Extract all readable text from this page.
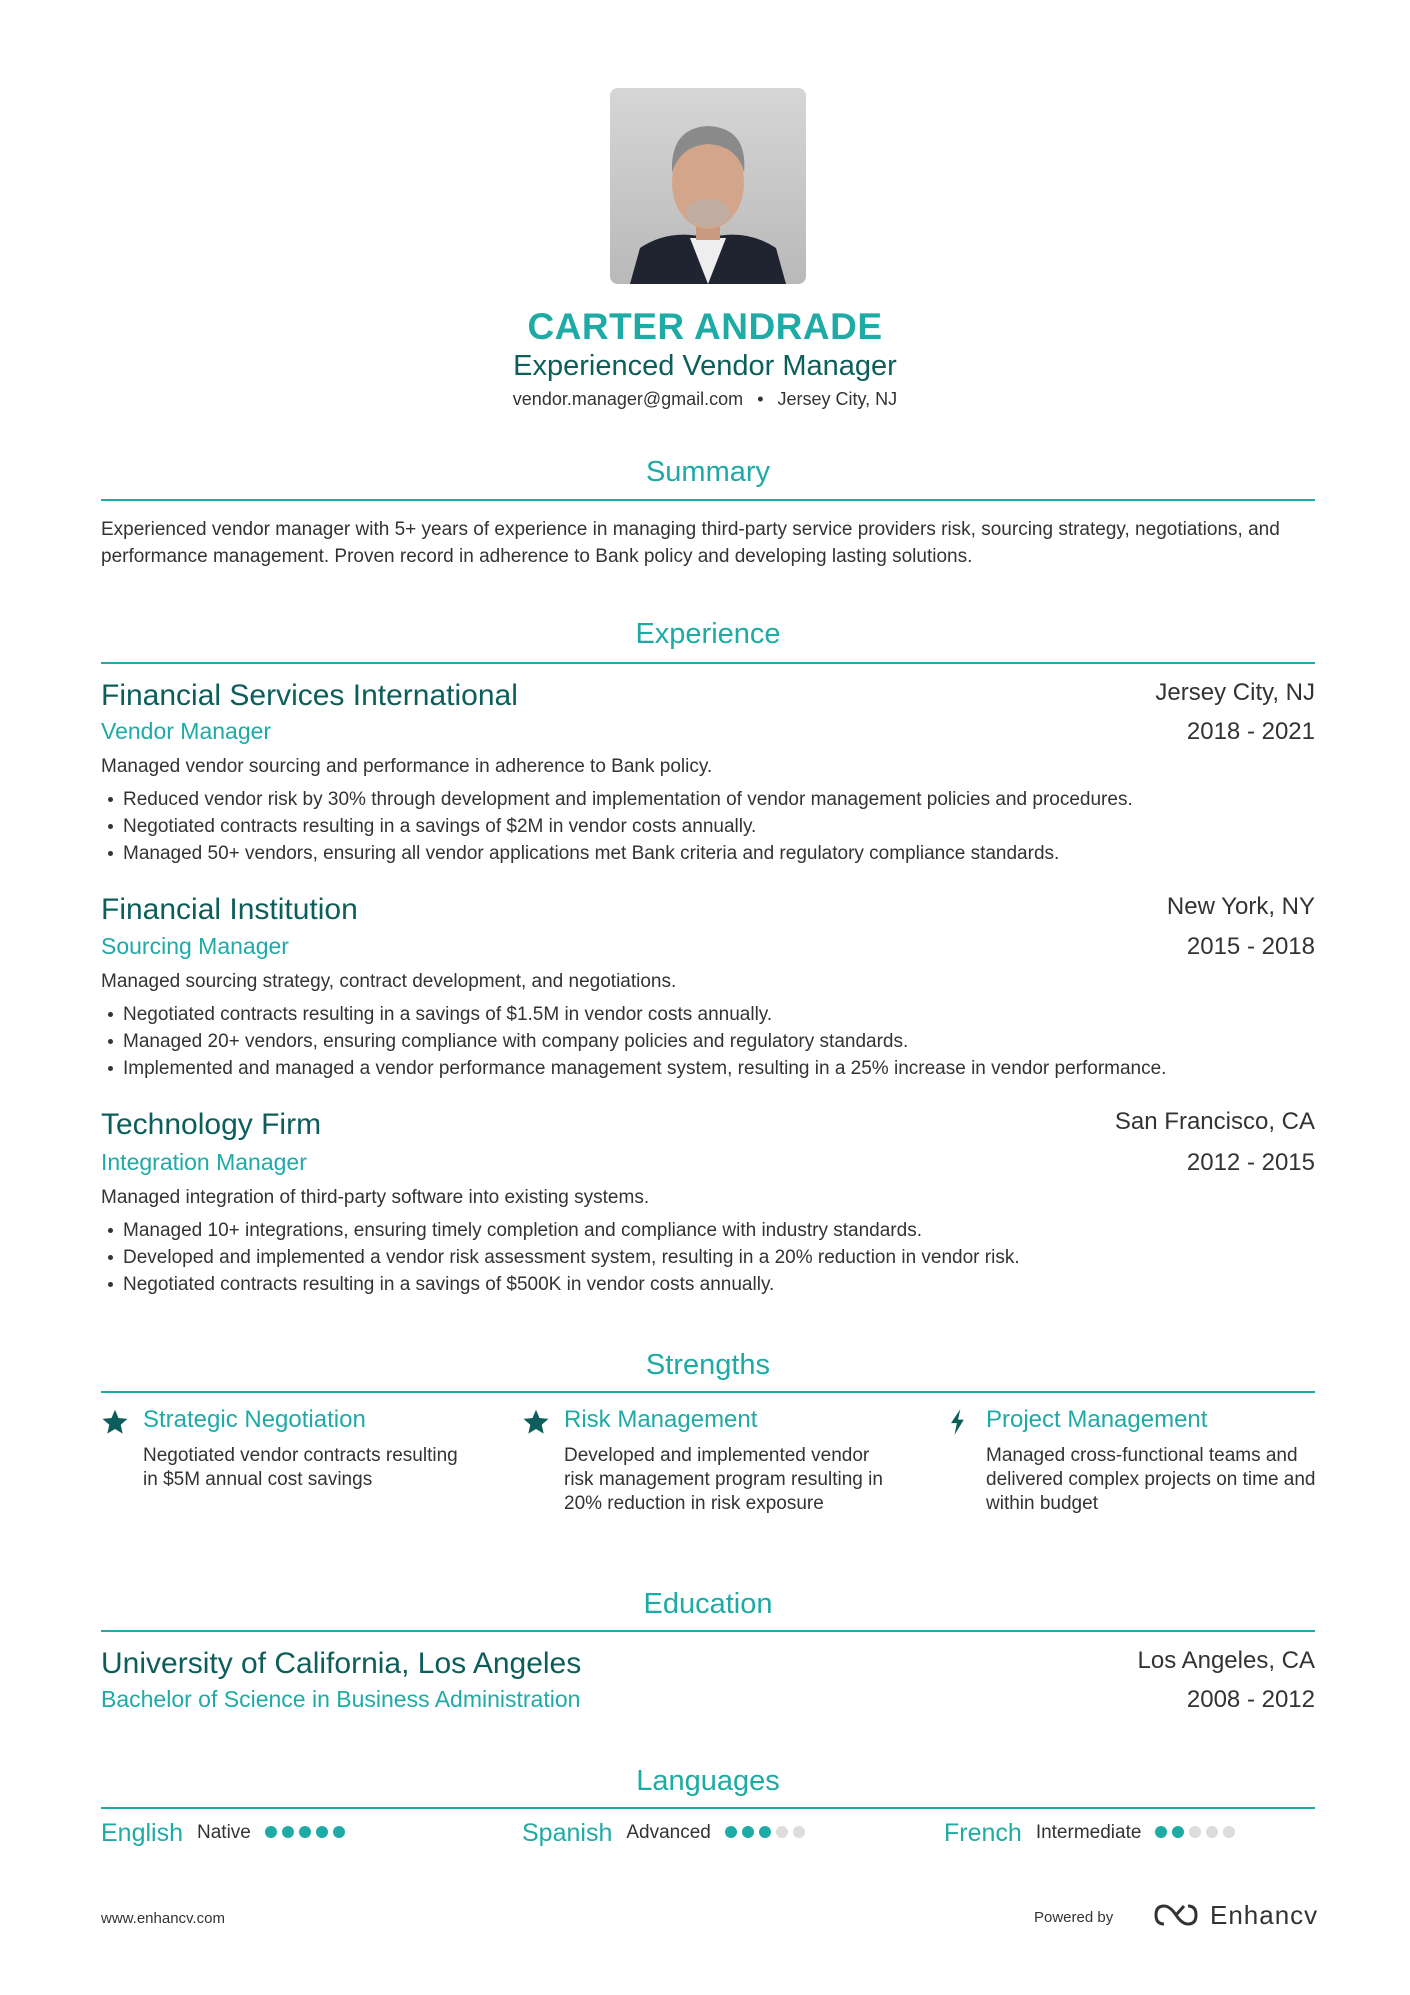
CARTER ANDRADE
Experienced Vendor Manager
vendor.manager@gmail.com • Jersey City, NJ
Summary
Experienced vendor manager with 5+ years of experience in managing third-party service providers risk, sourcing strategy, negotiations, and performance management. Proven record in adherence to Bank policy and developing lasting solutions.
Experience
Financial Services International	Jersey City, NJ
Vendor Manager	2018 - 2021
Managed vendor sourcing and performance in adherence to Bank policy.
Reduced vendor risk by 30% through development and implementation of vendor management policies and procedures.
Negotiated contracts resulting in a savings of $2M in vendor costs annually.
Managed 50+ vendors, ensuring all vendor applications met Bank criteria and regulatory compliance standards.
Financial Institution	New York, NY
Sourcing Manager	2015 - 2018
Managed sourcing strategy, contract development, and negotiations.
Negotiated contracts resulting in a savings of $1.5M in vendor costs annually.
Managed 20+ vendors, ensuring compliance with company policies and regulatory standards.
Implemented and managed a vendor performance management system, resulting in a 25% increase in vendor performance.
Technology Firm	San Francisco, CA
Integration Manager	2012 - 2015
Managed integration of third-party software into existing systems.
Managed 10+ integrations, ensuring timely completion and compliance with industry standards.
Developed and implemented a vendor risk assessment system, resulting in a 20% reduction in vendor risk.
Negotiated contracts resulting in a savings of $500K in vendor costs annually.
Strengths
Strategic Negotiation
Negotiated vendor contracts resulting in $5M annual cost savings
Risk Management
Developed and implemented vendor risk management program resulting in 20% reduction in risk exposure
Project Management
Managed cross-functional teams and delivered complex projects on time and within budget
Education
University of California, Los Angeles	Los Angeles, CA
Bachelor of Science in Business Administration	2008 - 2012
Languages
English Native	Spanish Advanced	French Intermediate
www.enhancv.com	Powered by	Enhancv
